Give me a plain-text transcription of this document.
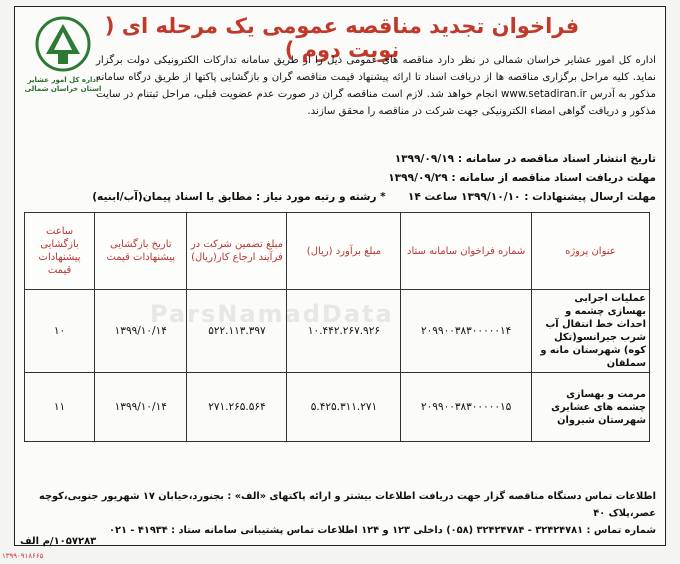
ParsNamadData
فراخوان تجدید مناقصه عمومی یک مرحله ای ( نوبت دوم )
اداره کل امور عشایر
استان خراسان شمالی
اداره کل امور عشایر خراسان شمالی در نظر دارد مناقصه های عمومی ذیل را از طریق سامانه تدارکات الکترونیکی دولت برگزار نماید. کلیه مراحل برگزاری مناقصه ها از دریافت اسناد تا ارائه پیشنهاد قیمت مناقصه گران و بازگشایی پاکتها از طریق درگاه سامانه مذکور به آدرس www.setadiran.ir انجام خواهد شد. لازم است مناقصه گران در صورت عدم عضویت قبلی، مراحل ثبتنام در سایت مذکور و دریافت گواهی امضاء الکترونیکی جهت شرکت در مناقصه را محقق سازند.
تاریخ انتشار اسناد مناقصه در سامانه : ۱۳۹۹/۰۹/۱۹
مهلت دریافت اسناد مناقصه از سامانه : ۱۳۹۹/۰۹/۲۹
مهلت ارسال پیشنهادات : ۱۳۹۹/۱۰/۱۰ ساعت ۱۴      * رشته و رتبه مورد نیاز : مطابق با اسناد پیمان(آب/ابنیه)
عنوان پروژه	شماره فراخوان سامانه ستاد	مبلغ برآورد (ریال)	مبلغ تضمین شرکت در فرآیند ارجاع کار(ریال)	تاریخ بازگشایی پیشنهادات قیمت	ساعت بازگشایی پیشنهادات قیمت
عملیات اجرایی بهسازی چشمه و احداث خط انتقال آب شرب جیرانسو(تکل کوه) شهرستان مانه و سملقان	۲۰۹۹۰۰۳۸۳۰۰۰۰۰۱۴	۱۰.۴۴۲.۲۶۷.۹۲۶	۵۲۲.۱۱۳.۳۹۷	۱۳۹۹/۱۰/۱۴	۱۰
مرمت و بهسازی چشمه های عشایری شهرستان شیروان	۲۰۹۹۰۰۳۸۳۰۰۰۰۰۱۵	۵.۴۲۵.۳۱۱.۲۷۱	۲۷۱.۲۶۵.۵۶۴	۱۳۹۹/۱۰/۱۴	۱۱
اطلاعات تماس دستگاه مناقصه گزار جهت دریافت اطلاعات بیشتر و ارائه پاکتهای «الف» : بجنورد،خیابان ۱۷ شهریور جنوبی،کوچه عصر،پلاک ۴۰
شماره تماس : ۳۲۴۲۴۷۸۱ - ۳۲۴۲۴۷۸۴ (۰۵۸) داخلی ۱۲۳ و ۱۲۴ اطلاعات تماس پشتیبانی سامانه ستاد : ۴۱۹۳۴ - ۰۲۱
۱۰۵۷۲۸۳/م الف
۱۳۹۹۰۹۱۸۶۶۵
